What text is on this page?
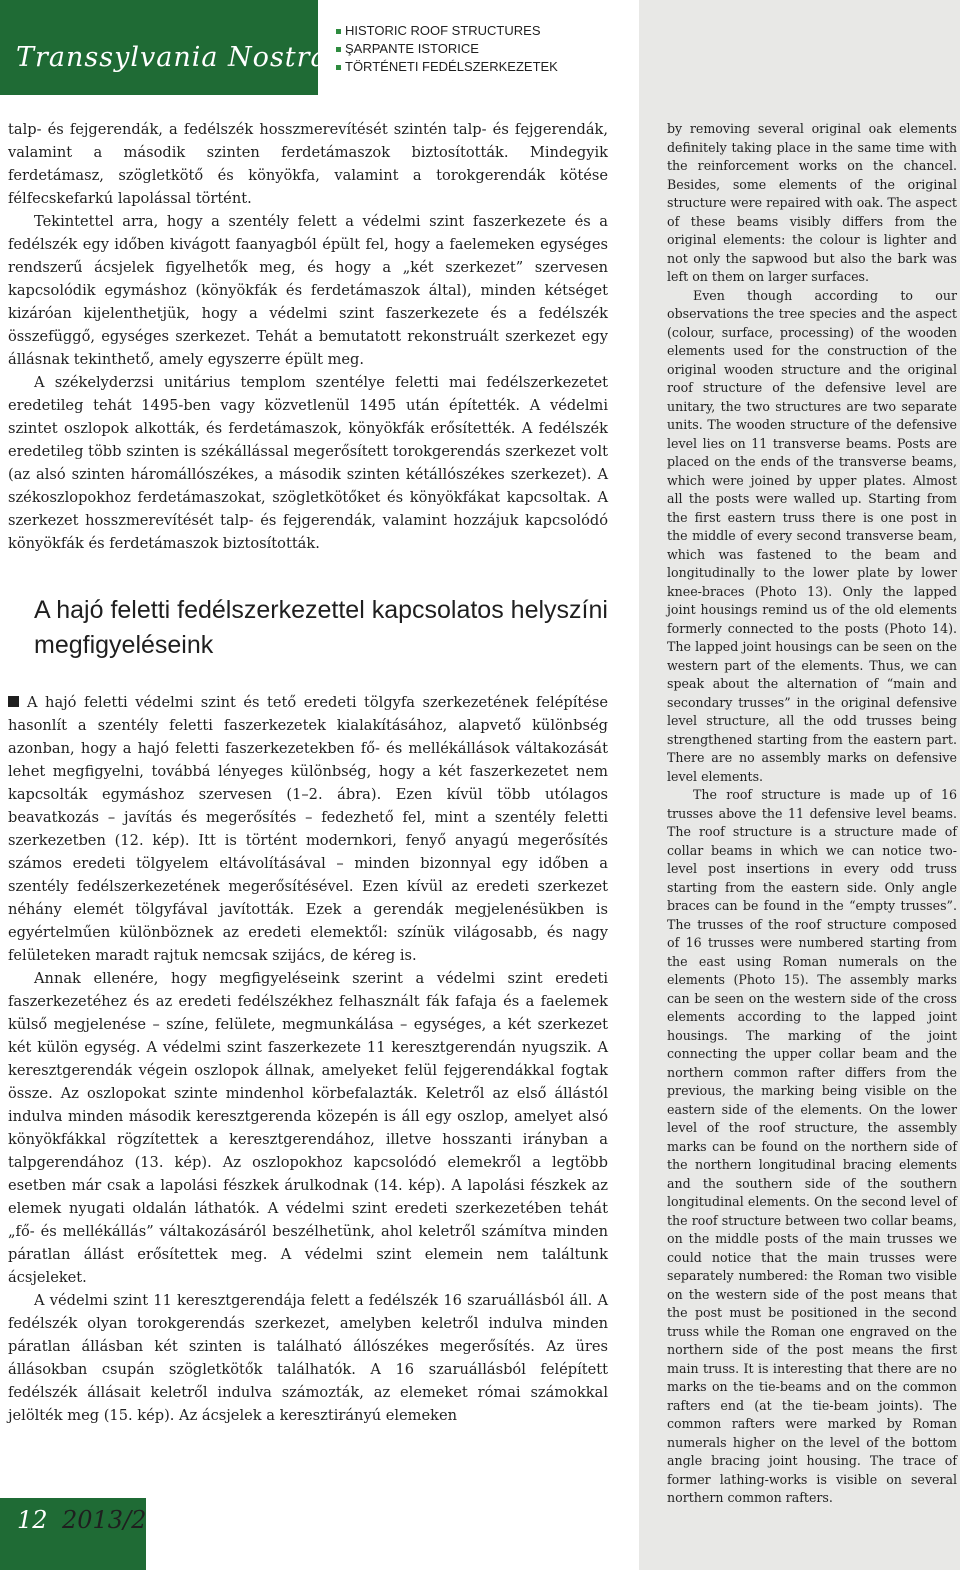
Transsylvania Nostra
HISTORIC ROOF STRUCTURES
ŞARPANTE ISTORICE
TÖRTÉNETI FEDÉLSZERKEZETEK

talp- és fejgerendák, a fedélszék hosszmerevítését szintén talp- és fejgerendák, valamint a második szinten ferdetámaszok biztosították. Mindegyik ferdetámasz, szögletkötő és könyökfa, valamint a torokgerendák kötése félfecskefarkú lapolással történt.

Tekintettel arra, hogy a szentély felett a védelmi szint faszerkezete és a fedélszék egy időben kivágott faanyagból épült fel, hogy a faelemeken egységes rendszerű ácsjelek figyelhetők meg, és hogy a „két szerkezet” szervesen kapcsolódik egymáshoz (könyökfák és ferdetámaszok által), minden kétséget kizáróan kijelenthetjük, hogy a védelmi szint faszerkezete és a fedélszék összefüggő, egységes szerkezet. Tehát a bemutatott rekonstruált szerkezet egy állásnak tekinthető, amely egyszerre épült meg.

A székelyderzsi unitárius templom szentélye feletti mai fedélszerkezetet eredetileg tehát 1495-ben vagy közvetlenül 1495 után építették. A védelmi szintet oszlopok alkották, és ferdetámaszok, könyökfák erősítették. A fedélszék eredetileg több szinten is székállással megerősített torokgerendás szerkezet volt (az alsó szinten háromállószékes, a második szinten kétállószékes szerkezet). A székoszlopokhoz ferdetámaszokat, szögletkötőket és könyökfákat kapcsoltak. A szerkezet hosszmerevítését talp- és fejgerendák, valamint hozzájuk kapcsolódó könyökfák és ferdetámaszok biztosították.

A hajó feletti fedélszerkezettel kapcsolatos helyszíni megfigyeléseink

A hajó feletti védelmi szint és tető eredeti tölgyfa szerkezetének felépítése hasonlít a szentély feletti faszerkezetek kialakításához, alapvető különbség azonban, hogy a hajó feletti faszerkezetekben fő- és mellékállások váltakozását lehet megfigyelni, továbbá lényeges különbség, hogy a két faszerkezetet nem kapcsolták egymáshoz szervesen (1–2. ábra). Ezen kívül több utólagos beavatkozás – javítás és megerősítés – fedezhető fel, mint a szentély feletti szerkezetben (12. kép). Itt is történt modernkori, fenyő anyagú megerősítés számos eredeti tölgyelem eltávolításával – minden bizonnyal egy időben a szentély fedélszerkezetének megerősítésével. Ezen kívül az eredeti szerkezet néhány elemét tölgyfával javították. Ezek a gerendák megjelenésükben is egyértelműen különböznek az eredeti elemektől: színük világosabb, és nagy felületeken maradt rajtuk nemcsak szijács, de kéreg is.

Annak ellenére, hogy megfigyeléseink szerint a védelmi szint eredeti faszerkezetéhez és az eredeti fedélszékhez felhasznált fák fafaja és a faelemek külső megjelenése – színe, felülete, megmunkálása – egységes, a két szerkezet két külön egység. A védelmi szint faszerkezete 11 keresztgerendán nyugszik. A keresztgerendák végein oszlopok állnak, amelyeket felül fejgerendákkal fogtak össze. Az oszlopokat szinte mindenhol körbefalazták. Keletről az első állástól indulva minden második keresztgerenda közepén is áll egy oszlop, amelyet alsó könyökfákkal rögzítettek a keresztgerendához, illetve hosszanti irányban a talpgerendához (13. kép). Az oszlopokhoz kapcsolódó elemekről a legtöbb esetben már csak a lapolási fészkek árulkodnak (14. kép). A lapolási fészkek az elemek nyugati oldalán láthatók. A védelmi szint eredeti szerkezetében tehát „fő- és mellékállás” váltakozásáról beszélhetünk, ahol keletről számítva minden páratlan állást erősítettek meg. A védelmi szint elemein nem találtunk ácsjeleket.

A védelmi szint 11 keresztgerendája felett a fedélszék 16 szaruállásból áll. A fedélszék olyan torokgerendás szerkezet, amelyben keletről indulva minden páratlan állásban két szinten is található állószékes megerősítés. Az üres állásokban csupán szögletkötők találhatók. A 16 szaruállásból felépített fedélszék állásait keletről indulva számozták, az elemeket római számokkal jelölték meg (15. kép). Az ácsjelek a keresztirányú elemeken

by removing several original oak elements definitely taking place in the same time with the reinforcement works on the chancel. Besides, some elements of the original structure were repaired with oak. The aspect of these beams visibly differs from the original elements: the colour is lighter and not only the sapwood but also the bark was left on them on larger surfaces.

Even though according to our observations the tree species and the aspect (colour, surface, processing) of the wooden elements used for the construction of the original wooden structure and the original roof structure of the defensive level are unitary, the two structures are two separate units. The wooden structure of the defensive level lies on 11 transverse beams. Posts are placed on the ends of the transverse beams, which were joined by upper plates. Almost all the posts were walled up. Starting from the first eastern truss there is one post in the middle of every second transverse beam, which was fastened to the beam and longitudinally to the lower plate by lower knee-braces (Photo 13). Only the lapped joint housings remind us of the old elements formerly connected to the posts (Photo 14). The lapped joint housings can be seen on the western part of the elements. Thus, we can speak about the alternation of “main and secondary trusses” in the original defensive level structure, all the odd trusses being strengthened starting from the eastern part. There are no assembly marks on defensive level elements.

The roof structure is made up of 16 trusses above the 11 defensive level beams. The roof structure is a structure made of collar beams in which we can notice two-level post insertions in every odd truss starting from the eastern side. Only angle braces can be found in the “empty trusses”. The trusses of the roof structure composed of 16 trusses were numbered starting from the east using Roman numerals on the elements (Photo 15). The assembly marks can be seen on the western side of the cross elements according to the lapped joint housings. The marking of the joint connecting the upper collar beam and the northern common rafter differs from the previous, the marking being visible on the eastern side of the elements. On the lower level of the roof structure, the assembly marks can be found on the northern side of the northern longitudinal bracing elements and the southern side of the southern longitudinal elements. On the second level of the roof structure between two collar beams, on the middle posts of the main trusses we could notice that the main trusses were separately numbered: the Roman two visible on the western side of the post means that the post must be positioned in the second truss while the Roman one engraved on the northern side of the post means the first main truss. It is interesting that there are no marks on the tie-beams and on the common rafters end (at the tie-beam joints). The common rafters were marked by Roman numerals higher on the level of the bottom angle bracing joint housing. The trace of former lathing-works is visible on several northern common rafters.

12 2013/2
